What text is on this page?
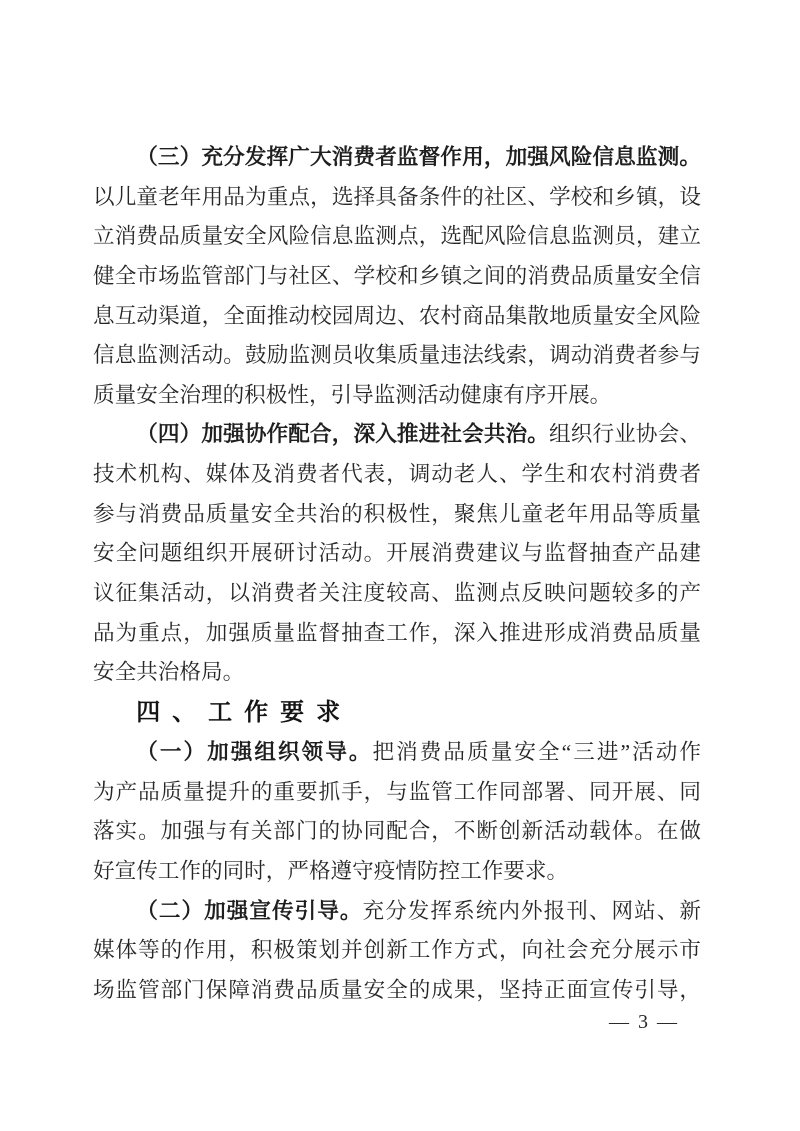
（三）充分发挥广大消费者监督作用，加强风险信息监测。
以儿童老年用品为重点，选择具备条件的社区、学校和乡镇，设
立消费品质量安全风险信息监测点，选配风险信息监测员，建立
健全市场监管部门与社区、学校和乡镇之间的消费品质量安全信
息互动渠道，全面推动校园周边、农村商品集散地质量安全风险
信息监测活动。鼓励监测员收集质量违法线索，调动消费者参与
质量安全治理的积极性，引导监测活动健康有序开展。
（四）加强协作配合，深入推进社会共治。组织行业协会、
技术机构、媒体及消费者代表，调动老人、学生和农村消费者
参与消费品质量安全共治的积极性，聚焦儿童老年用品等质量
安全问题组织开展研讨活动。开展消费建议与监督抽查产品建
议征集活动，以消费者关注度较高、监测点反映问题较多的产
品为重点，加强质量监督抽查工作，深入推进形成消费品质量
安全共治格局。
四、工作要求
（一）加强组织领导。把消费品质量安全“三进”活动作
为产品质量提升的重要抓手，与监管工作同部署、同开展、同
落实。加强与有关部门的协同配合，不断创新活动载体。在做
好宣传工作的同时，严格遵守疫情防控工作要求。
（二）加强宣传引导。充分发挥系统内外报刊、网站、新
媒体等的作用，积极策划并创新工作方式，向社会充分展示市
场监管部门保障消费品质量安全的成果，坚持正面宣传引导，
— 3 —
